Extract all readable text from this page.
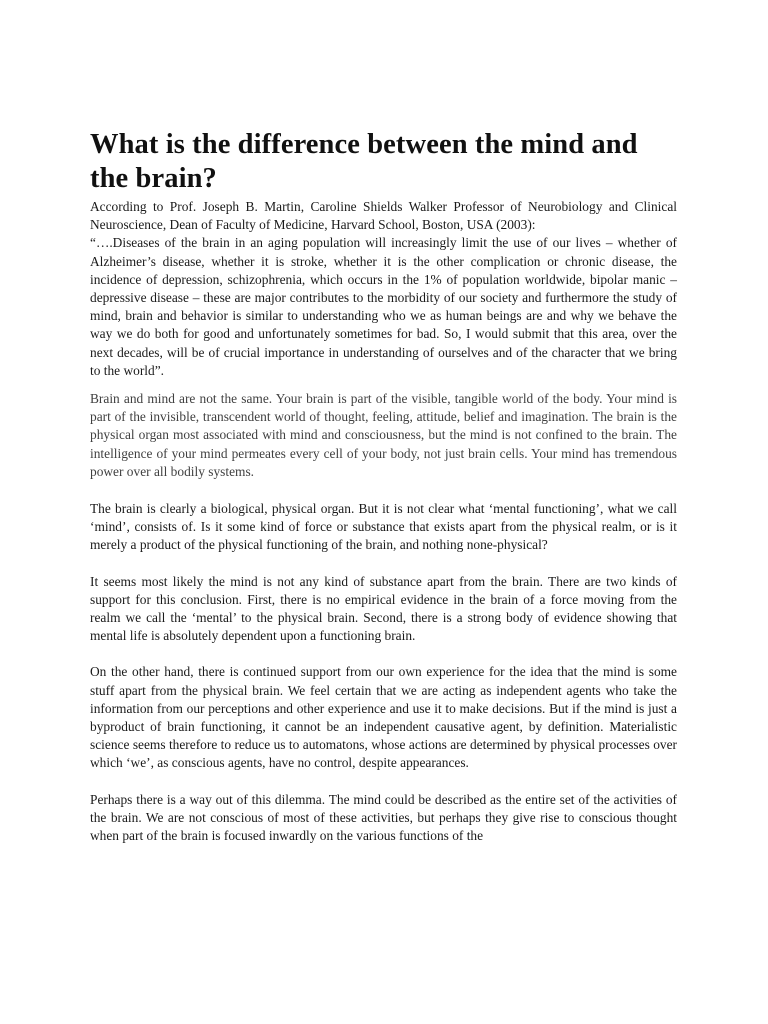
What is the difference between the mind and the brain?

According to Prof. Joseph B. Martin, Caroline Shields Walker Professor of Neurobiology and Clinical Neuroscience, Dean of Faculty of Medicine, Harvard School, Boston, USA (2003):

“….Diseases of the brain in an aging population will increasingly limit the use of our lives – whether of Alzheimer’s disease, whether it is stroke, whether it is the other complication or chronic disease, the incidence of depression, schizophrenia, which occurs in the 1% of population worldwide, bipolar manic – depressive disease – these are major contributes to the morbidity of our society and furthermore the study of mind, brain and behavior is similar to understanding who we as human beings are and why we behave the way we do both for good and unfortunately sometimes for bad. So, I would submit that this area, over the next decades, will be of crucial importance in understanding of ourselves and of the character that we bring to the world”.

Brain and mind are not the same. Your brain is part of the visible, tangible world of the body. Your mind is part of the invisible, transcendent world of thought, feeling, attitude, belief and imagination. The brain is the physical organ most associated with mind and consciousness, but the mind is not confined to the brain. The intelligence of your mind permeates every cell of your body, not just brain cells. Your mind has tremendous power over all bodily systems.

The brain is clearly a biological, physical organ. But it is not clear what ‘mental functioning’, what we call ‘mind’, consists of. Is it some kind of force or substance that exists apart from the physical realm, or is it merely a product of the physical functioning of the brain, and nothing none-physical?

It seems most likely the mind is not any kind of substance apart from the brain. There are two kinds of support for this conclusion. First, there is no empirical evidence in the brain of a force moving from the realm we call the ‘mental’ to the physical brain. Second, there is a strong body of evidence showing that mental life is absolutely dependent upon a functioning brain.

On the other hand, there is continued support from our own experience for the idea that the mind is some stuff apart from the physical brain. We feel certain that we are acting as independent agents who take the information from our perceptions and other experience and use it to make decisions. But if the mind is just a byproduct of brain functioning, it cannot be an independent causative agent, by definition. Materialistic science seems therefore to reduce us to automatons, whose actions are determined by physical processes over which ‘we’, as conscious agents, have no control, despite appearances.

Perhaps there is a way out of this dilemma. The mind could be described as the entire set of the activities of the brain. We are not conscious of most of these activities, but perhaps they give rise to conscious thought when part of the brain is focused inwardly on the various functions of the
